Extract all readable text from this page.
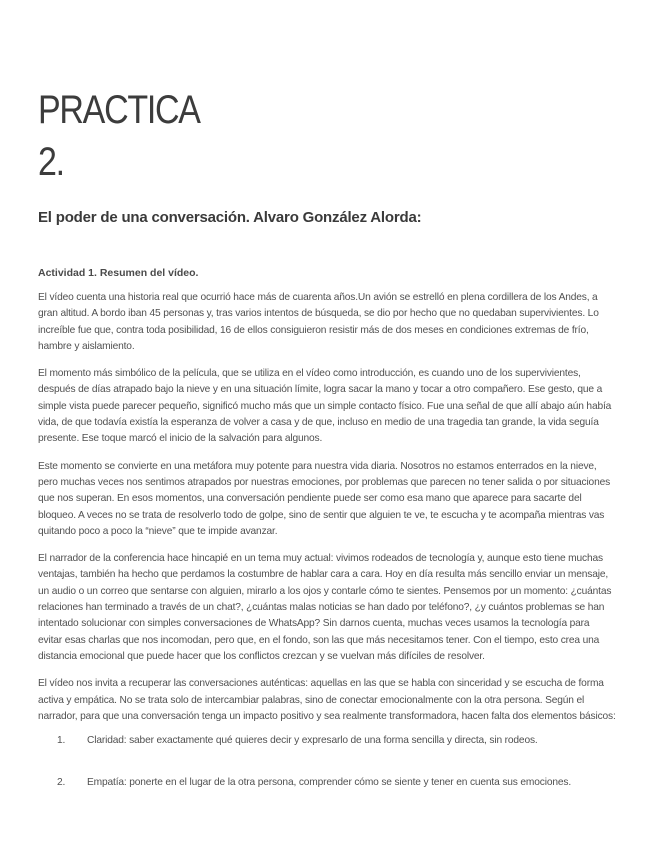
PRACTICA 2.
El poder de una conversación. Alvaro González Alorda:
Actividad 1. Resumen del vídeo.

El vídeo cuenta una historia real que ocurrió hace más de cuarenta años.Un avión se estrelló en plena cordillera de los Andes, a gran altitud. A bordo iban 45 personas y, tras varios intentos de búsqueda, se dio por hecho que no quedaban supervivientes. Lo increíble fue que, contra toda posibilidad, 16 de ellos consiguieron resistir más de dos meses en condiciones extremas de frío, hambre y aislamiento.

El momento más simbólico de la película, que se utiliza en el vídeo como introducción, es cuando uno de los supervivientes, después de días atrapado bajo la nieve y en una situación límite, logra sacar la mano y tocar a otro compañero. Ese gesto, que a simple vista puede parecer pequeño, significó mucho más que un simple contacto físico. Fue una señal de que allí abajo aún había vida, de que todavía existía la esperanza de volver a casa y de que, incluso en medio de una tragedia tan grande, la vida seguía presente. Ese toque marcó el inicio de la salvación para algunos.

Este momento se convierte en una metáfora muy potente para nuestra vida diaria. Nosotros no estamos enterrados en la nieve, pero muchas veces nos sentimos atrapados por nuestras emociones, por problemas que parecen no tener salida o por situaciones que nos superan. En esos momentos, una conversación pendiente puede ser como esa mano que aparece para sacarte del bloqueo. A veces no se trata de resolverlo todo de golpe, sino de sentir que alguien te ve, te escucha y te acompaña mientras vas quitando poco a poco la “nieve” que te impide avanzar.

El narrador de la conferencia hace hincapié en un tema muy actual: vivimos rodeados de tecnología y, aunque esto tiene muchas ventajas, también ha hecho que perdamos la costumbre de hablar cara a cara. Hoy en día resulta más sencillo enviar un mensaje, un audio o un correo que sentarse con alguien, mirarlo a los ojos y contarle cómo te sientes. Pensemos por un momento: ¿cuántas relaciones han terminado a través de un chat?, ¿cuántas malas noticias se han dado por teléfono?, ¿y cuántos problemas se han intentado solucionar con simples conversaciones de WhatsApp? Sin darnos cuenta, muchas veces usamos la tecnología para evitar esas charlas que nos incomodan, pero que, en el fondo, son las que más necesitamos tener. Con el tiempo, esto crea una distancia emocional que puede hacer que los conflictos crezcan y se vuelvan más difíciles de resolver.

El vídeo nos invita a recuperar las conversaciones auténticas: aquellas en las que se habla con sinceridad y se escucha de forma activa y empática. No se trata solo de intercambiar palabras, sino de conectar emocionalmente con la otra persona. Según el narrador, para que una conversación tenga un impacto positivo y sea realmente transformadora, hacen falta dos elementos básicos:

1.	Claridad: saber exactamente qué quieres decir y expresarlo de una forma sencilla y directa, sin rodeos.
2.	Empatía: ponerte en el lugar de la otra persona, comprender cómo se siente y tener en cuenta sus emociones.
